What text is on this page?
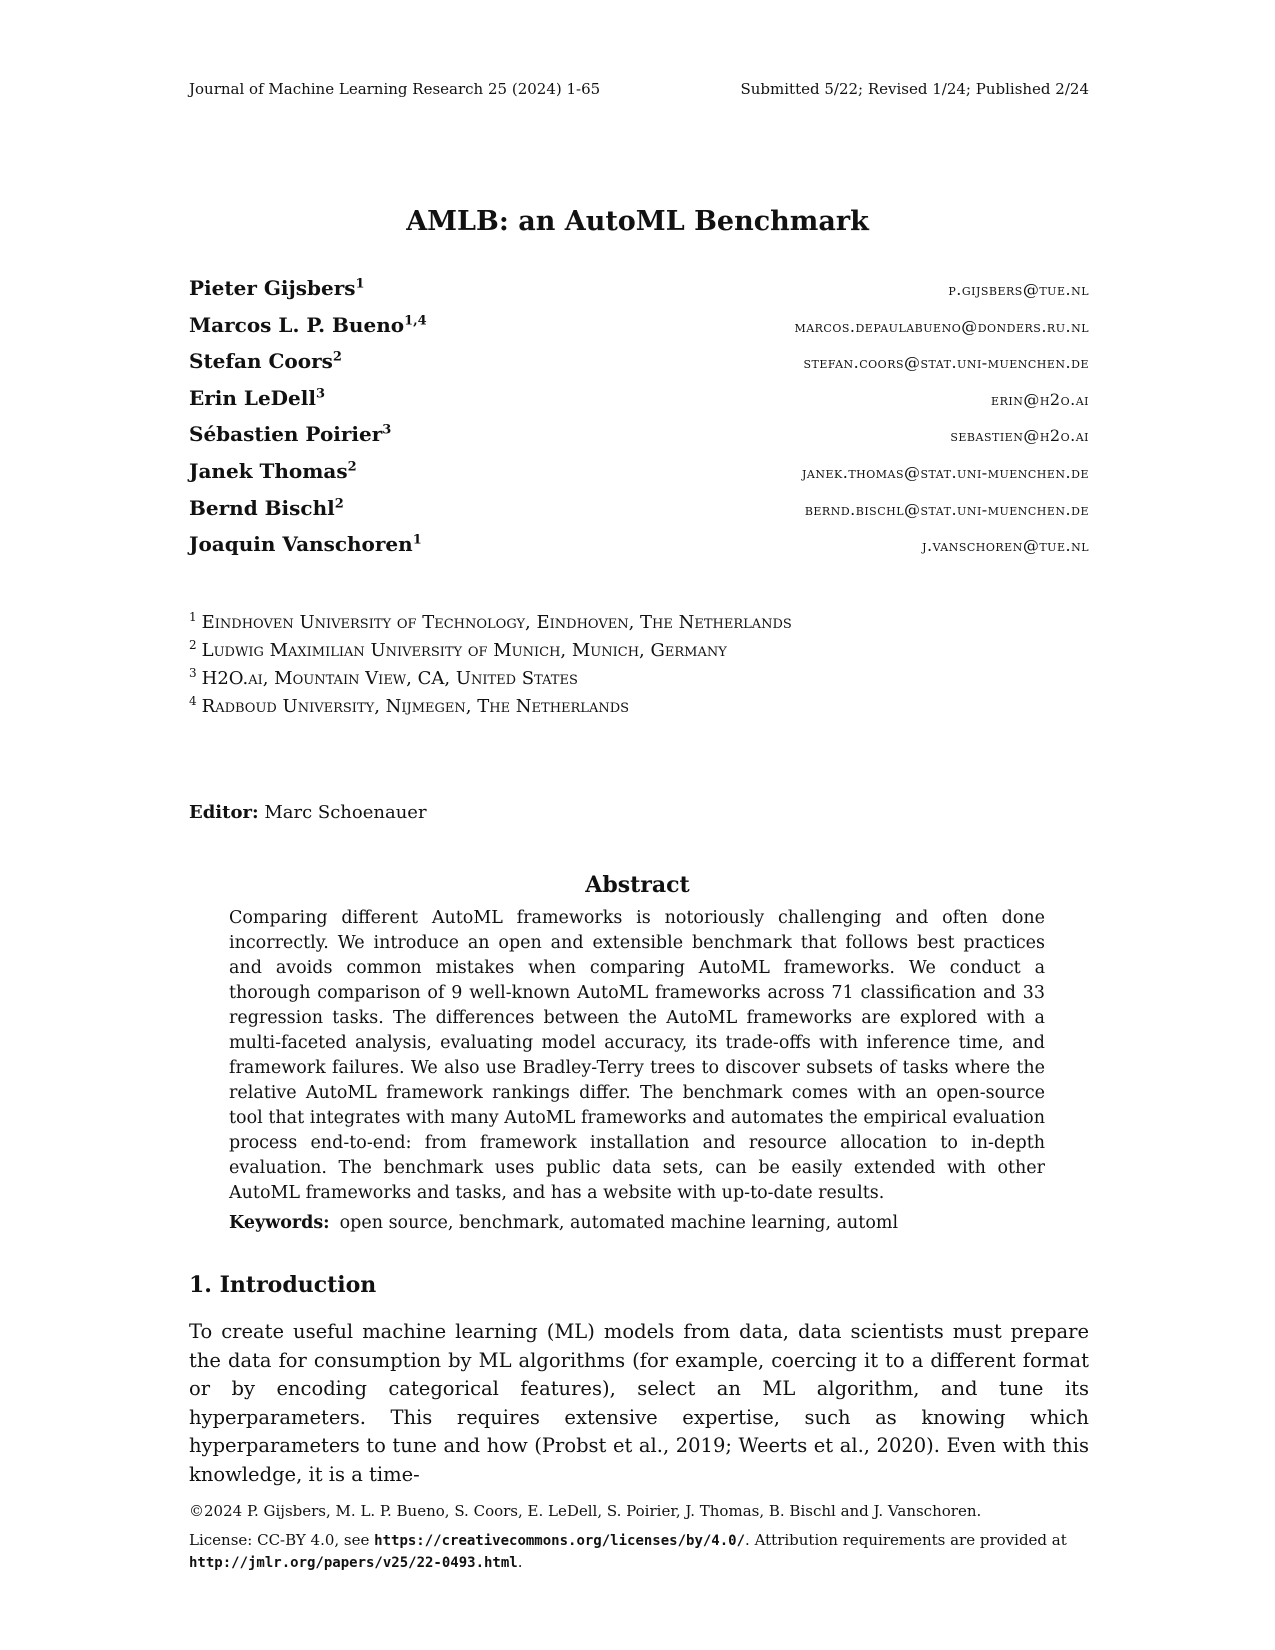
Journal of Machine Learning Research 25 (2024) 1-65	Submitted 5/22; Revised 1/24; Published 2/24
AMLB: an AutoML Benchmark
Pieter Gijsbers$^1$	p.gijsbers@tue.nl
Marcos L. P. Bueno$^{1,4}$	marcos.depaulabueno@donders.ru.nl
Stefan Coors$^2$	stefan.coors@stat.uni-muenchen.de
Erin LeDell$^3$	erin@h2o.ai
Sébastien Poirier$^3$	sebastien@h2o.ai
Janek Thomas$^2$	janek.thomas@stat.uni-muenchen.de
Bernd Bischl$^2$	bernd.bischl@stat.uni-muenchen.de
Joaquin Vanschoren$^1$	j.vanschoren@tue.nl
$^1$ Eindhoven University of Technology, Eindhoven, The Netherlands
$^2$ Ludwig Maximilian University of Munich, Munich, Germany
$^3$ H2O.ai, Mountain View, CA, United States
$^4$ Radboud University, Nijmegen, The Netherlands
Editor: Marc Schoenauer
Abstract
Comparing different AutoML frameworks is notoriously challenging and often done incorrectly. We introduce an open and extensible benchmark that follows best practices and avoids common mistakes when comparing AutoML frameworks. We conduct a thorough comparison of 9 well-known AutoML frameworks across 71 classification and 33 regression tasks. The differences between the AutoML frameworks are explored with a multi-faceted analysis, evaluating model accuracy, its trade-offs with inference time, and framework failures. We also use Bradley-Terry trees to discover subsets of tasks where the relative AutoML framework rankings differ. The benchmark comes with an open-source tool that integrates with many AutoML frameworks and automates the empirical evaluation process end-to-end: from framework installation and resource allocation to in-depth evaluation. The benchmark uses public data sets, can be easily extended with other AutoML frameworks and tasks, and has a website with up-to-date results.
Keywords: open source, benchmark, automated machine learning, automl
1. Introduction
To create useful machine learning (ML) models from data, data scientists must prepare the data for consumption by ML algorithms (for example, coercing it to a different format or by encoding categorical features), select an ML algorithm, and tune its hyperparameters. This requires extensive expertise, such as knowing which hyperparameters to tune and how (Probst et al., 2019; Weerts et al., 2020). Even with this knowledge, it is a time-
©2024 P. Gijsbers, M. L. P. Bueno, S. Coors, E. LeDell, S. Poirier, J. Thomas, B. Bischl and J. Vanschoren.
License: CC-BY 4.0, see https://creativecommons.org/licenses/by/4.0/. Attribution requirements are provided at http://jmlr.org/papers/v25/22-0493.html.
